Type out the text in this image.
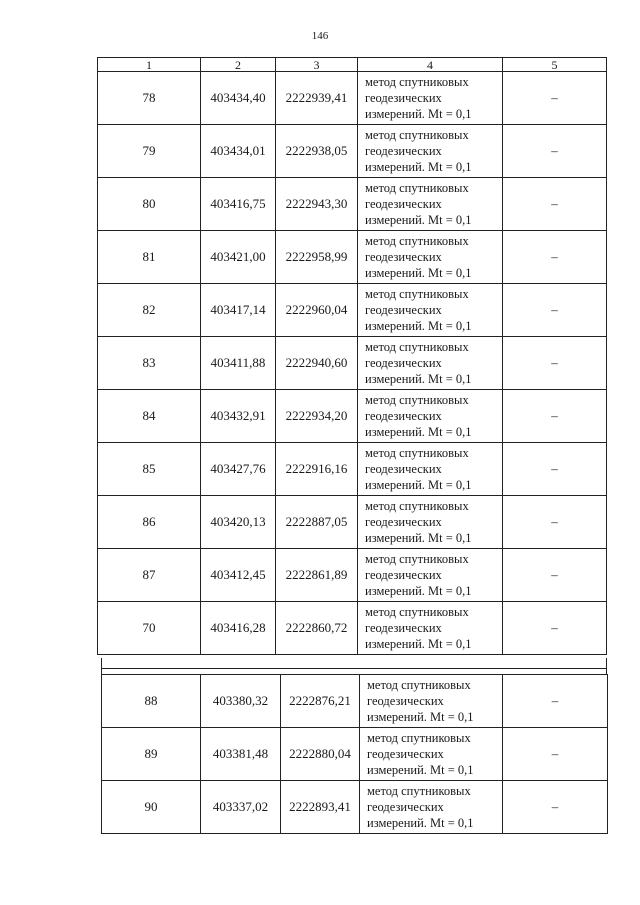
146
1	2	3	4	5
78	403434,40	2222939,41	метод спутниковых
геодезических
измерений. Mt = 0,1	–
79	403434,01	2222938,05	метод спутниковых
геодезических
измерений. Mt = 0,1	–
80	403416,75	2222943,30	метод спутниковых
геодезических
измерений. Mt = 0,1	–
81	403421,00	2222958,99	метод спутниковых
геодезических
измерений. Mt = 0,1	–
82	403417,14	2222960,04	метод спутниковых
геодезических
измерений. Mt = 0,1	–
83	403411,88	2222940,60	метод спутниковых
геодезических
измерений. Mt = 0,1	–
84	403432,91	2222934,20	метод спутниковых
геодезических
измерений. Mt = 0,1	–
85	403427,76	2222916,16	метод спутниковых
геодезических
измерений. Mt = 0,1	–
86	403420,13	2222887,05	метод спутниковых
геодезических
измерений. Mt = 0,1	–
87	403412,45	2222861,89	метод спутниковых
геодезических
измерений. Mt = 0,1	–
70	403416,28	2222860,72	метод спутниковых
геодезических
измерений. Mt = 0,1	–
88	403380,32	2222876,21	метод спутниковых
геодезических
измерений. Mt = 0,1	–
89	403381,48	2222880,04	метод спутниковых
геодезических
измерений. Mt = 0,1	–
90	403337,02	2222893,41	метод спутниковых
геодезических
измерений. Mt = 0,1	–
